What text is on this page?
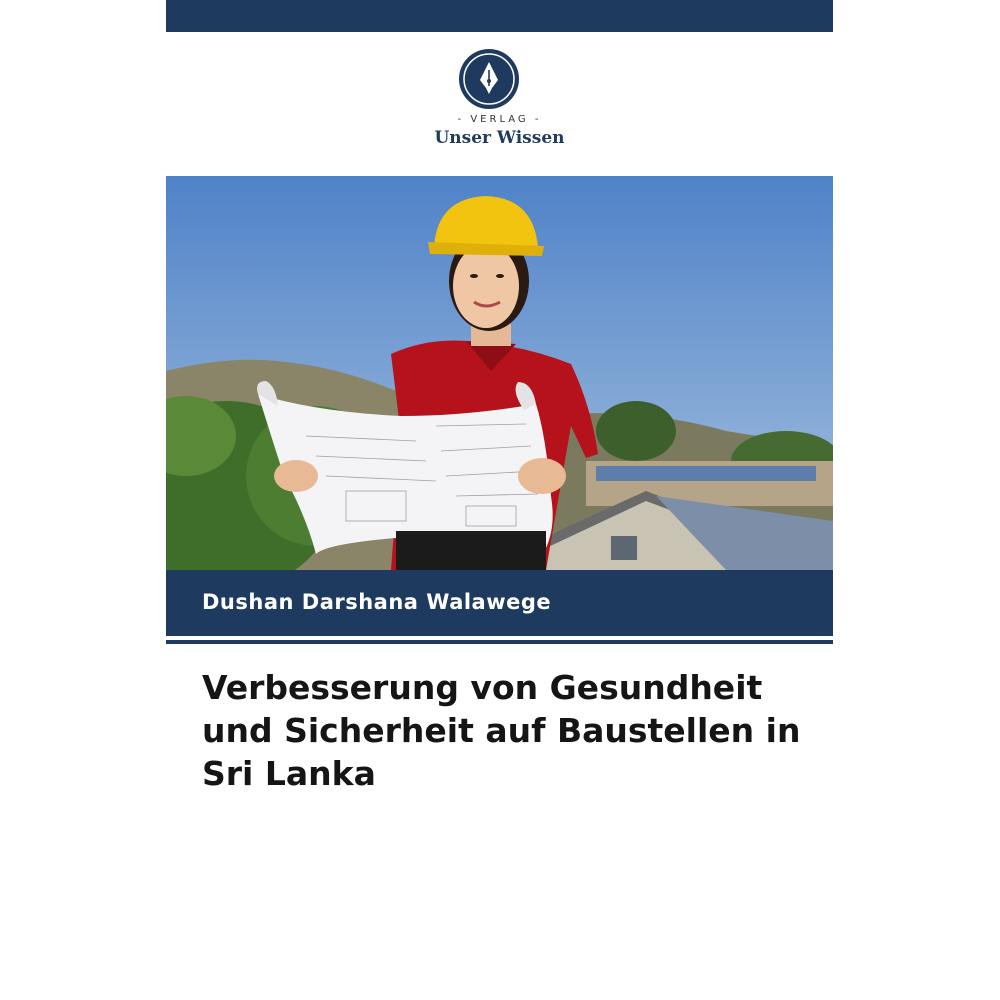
- VERLAG -
Unser Wissen
Dushan Darshana Walawege
Verbesserung von Gesundheit und Sicherheit auf Baustellen in Sri Lanka
